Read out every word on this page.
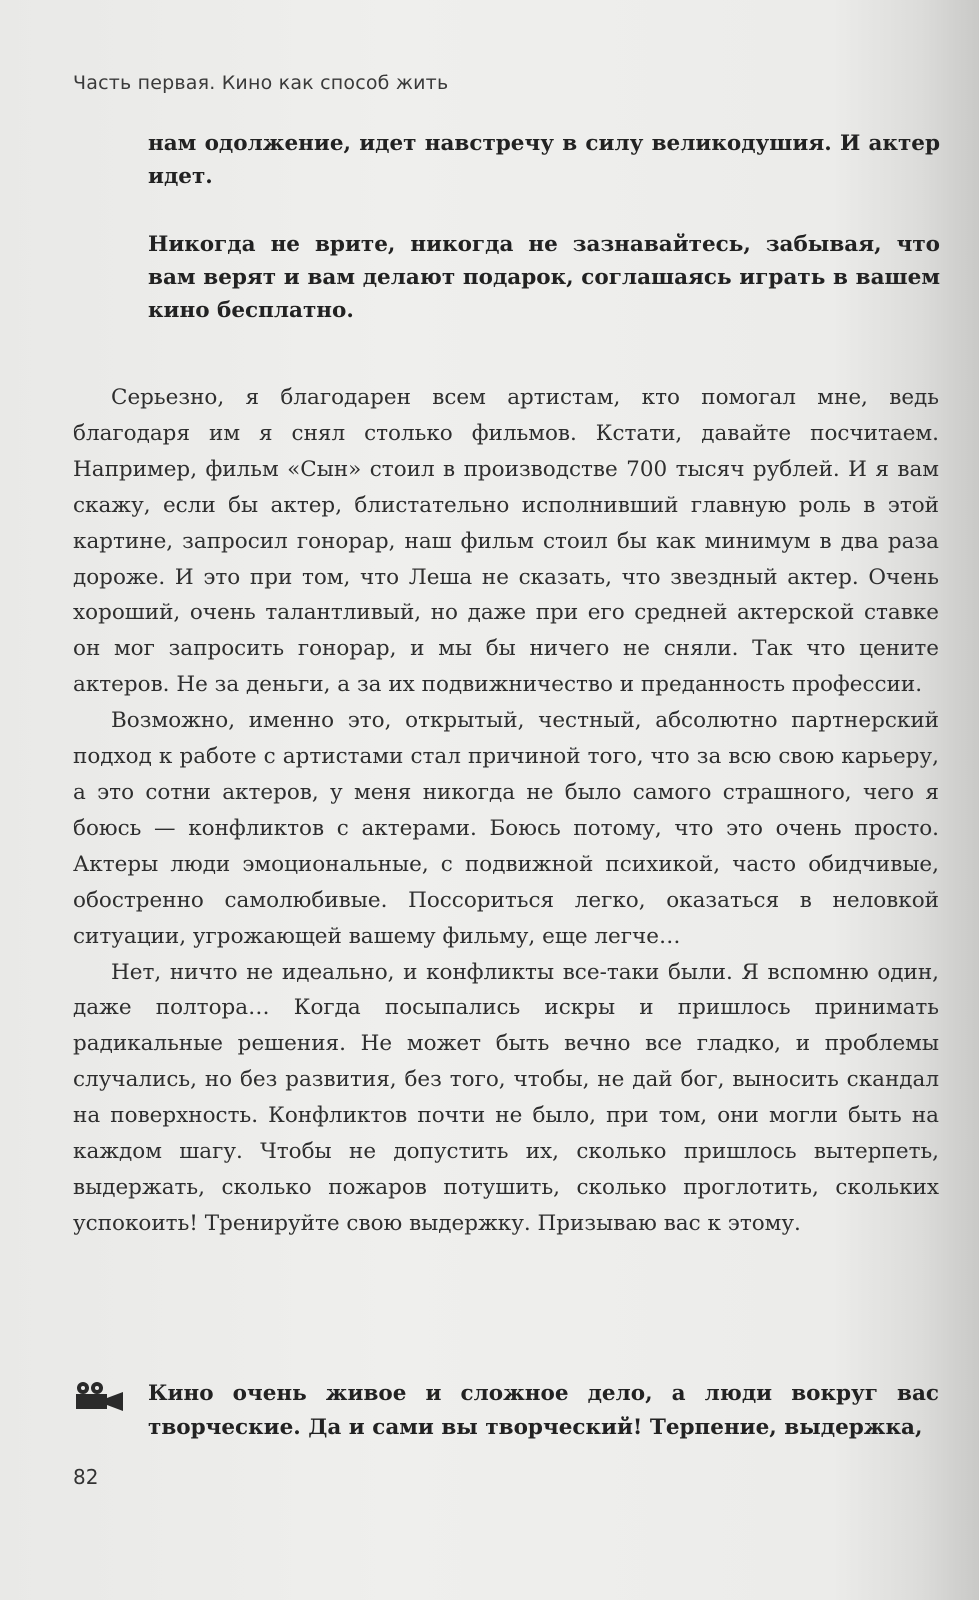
Часть первая. Кино как способ жить

нам одолжение, идет навстречу в силу великодушия. И актер идет.

Никогда не врите, никогда не зазнавайтесь, забывая, что вам верят и вам делают подарок, соглашаясь играть в вашем кино бесплатно.

Серьезно, я благодарен всем артистам, кто помогал мне, ведь благодаря им я снял столько фильмов. Кстати, давайте посчитаем. Например, фильм «Сын» стоил в производстве 700 тысяч рублей. И я вам скажу, если бы актер, блистательно исполнивший главную роль в этой картине, запросил гонорар, наш фильм стоил бы как минимум в два раза дороже. И это при том, что Леша не сказать, что звездный актер. Очень хороший, очень талантливый, но даже при его средней актерской ставке он мог запросить гонорар, и мы бы ничего не сняли. Так что цените актеров. Не за деньги, а за их подвижничество и преданность профессии.

Возможно, именно это, открытый, честный, абсолютно партнерский подход к работе с артистами стал причиной того, что за всю свою карьеру, а это сотни актеров, у меня никогда не было самого страшного, чего я боюсь — конфликтов с актерами. Боюсь потому, что это очень просто. Актеры люди эмоциональные, с подвижной психикой, часто обидчивые, обостренно самолюбивые. Поссориться легко, оказаться в неловкой ситуации, угрожающей вашему фильму, еще легче…

Нет, ничто не идеально, и конфликты все-таки были. Я вспомню один, даже полтора… Когда посыпались искры и пришлось принимать радикальные решения. Не может быть вечно все гладко, и проблемы случались, но без развития, без того, чтобы, не дай бог, выносить скандал на поверхность. Конфликтов почти не было, при том, они могли быть на каждом шагу. Чтобы не допустить их, сколько пришлось вытерпеть, выдержать, сколько пожаров потушить, сколько проглотить, скольких успокоить! Тренируйте свою выдержку. Призываю вас к этому.

Кино очень живое и сложное дело, а люди вокруг вас творческие. Да и сами вы творческий! Терпение, выдержка,
82
